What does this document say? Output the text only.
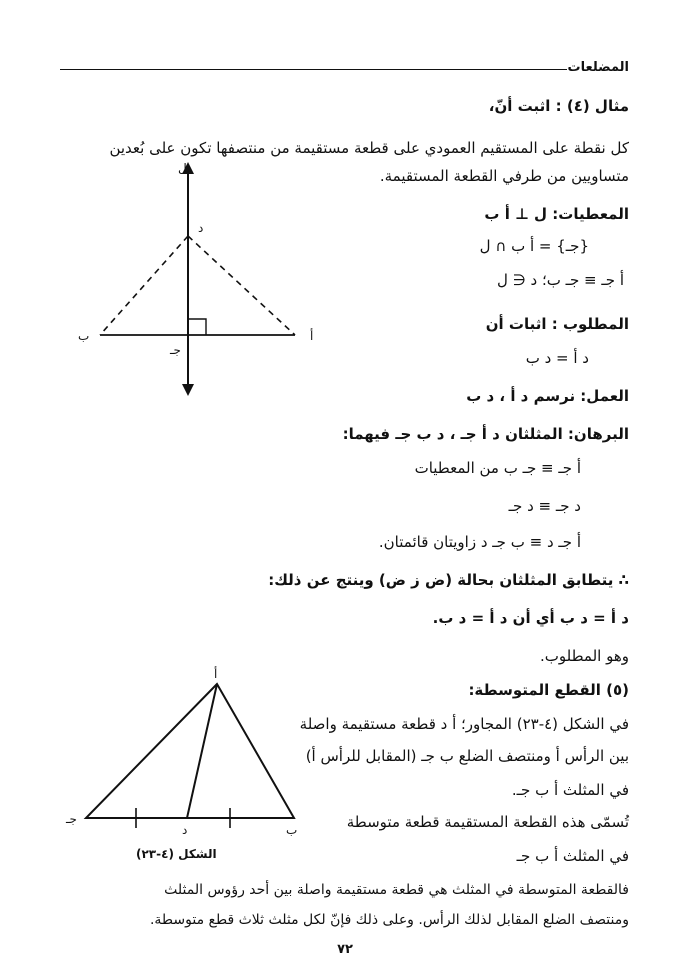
المضلعات
مثال (٤) : اثبت أنّ،
كل نقطة على المستقيم العمودي على قطعة مستقيمة من منتصفها تكون على بُعدين
متساويين من طرفي القطعة المستقيمة.
المعطيات: ل ⊥ أ ب
{جـ} = أ ب ∩ ل
أ جـ ≡ جـ ب؛ د ∈ ل
المطلوب : اثبات أن
د أ = د ب
العمل: نرسم د أ ، د ب
البرهان: المثلثان د أ جـ ، د ب جـ فيهما:
أ جـ ≡ جـ ب من المعطيات
د جـ ≡ د جـ
أ جـ د ≡ ب جـ د زاويتان قائمتان.
∴ يتطابق المثلثان بحالة (ض ز ض) وينتج عن ذلك:
د أ = د ب أي أن د أ = د ب.
وهو المطلوب.
(٥) القطع المتوسطة:
في الشكل (٤-٢٣) المجاور؛ أ د قطعة مستقيمة واصلة
بين الرأس أ ومنتصف الضلع ب جـ (المقابل للرأس أ)
في المثلث أ ب جـ.
تُسمّى هذه القطعة المستقيمة قطعة متوسطة
في المثلث أ ب جـ
فالقطعة المتوسطة في المثلث هي قطعة مستقيمة واصلة بين أحد رؤوس المثلث
ومنتصف الضلع المقابل لذلك الرأس. وعلى ذلك فإنّ لكل مثلث ثلاث قطع متوسطة.
٧٢
ل
د
ب	أ
جـ
أ
جـ
ب
د
الشكل (٤-٢٣)
